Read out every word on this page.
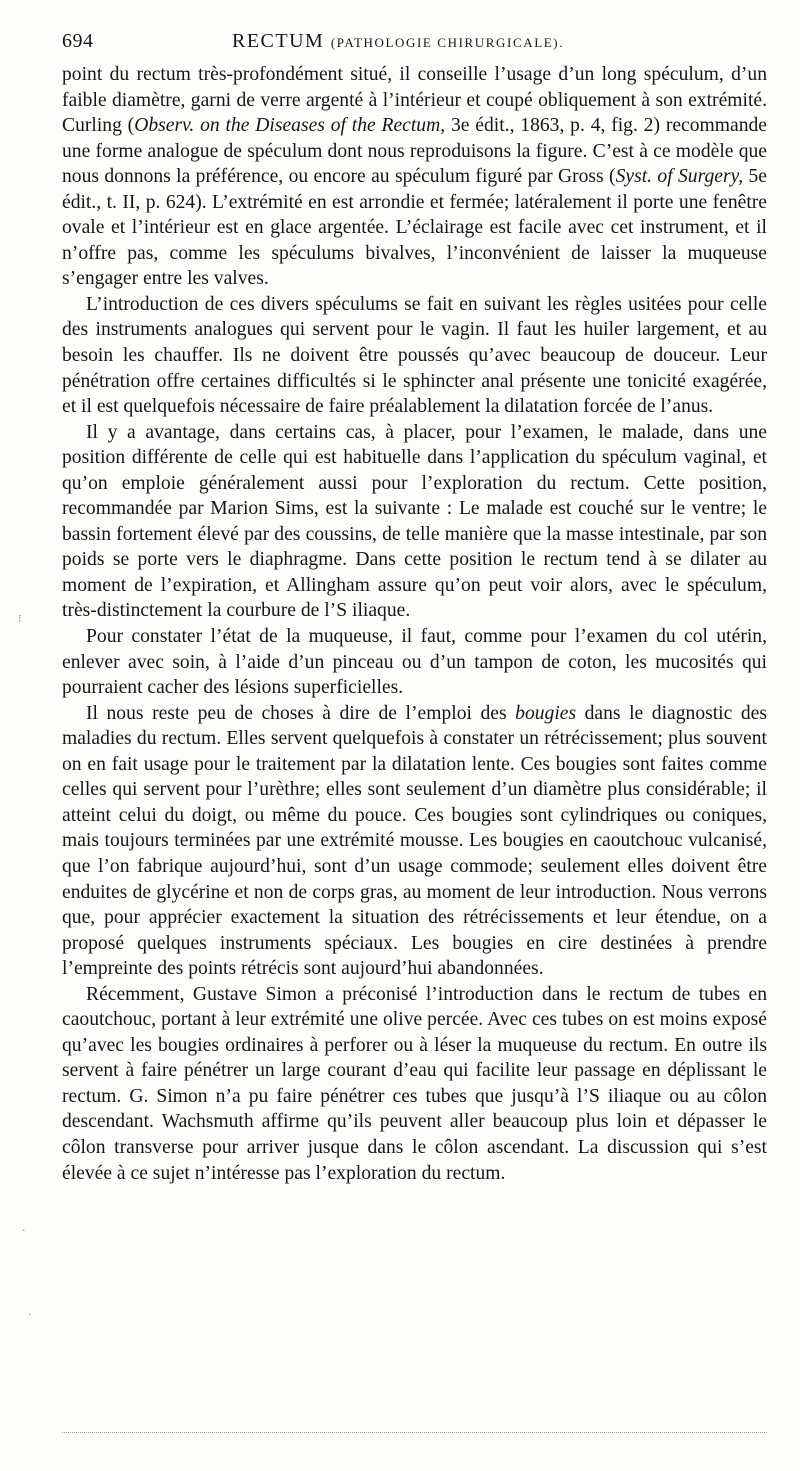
694	RECTUM (PATHOLOGIE CHIRURGICALE).

point du rectum très-profondément situé, il conseille l’usage d’un long spéculum, d’un faible diamètre, garni de verre argenté à l’intérieur et coupé obliquement à son extrémité. Curling (Observ. on the Diseases of the Rectum, 3e édit., 1863, p. 4, fig. 2) recommande une forme analogue de spéculum dont nous reproduisons la figure. C’est à ce modèle que nous donnons la préférence, ou encore au spéculum figuré par Gross (Syst. of Surgery, 5e édit., t. II, p. 624). L’extrémité en est arrondie et fermée; latéralement il porte une fenêtre ovale et l’intérieur est en glace argentée. L’éclairage est facile avec cet instrument, et il n’offre pas, comme les spéculums bivalves, l’inconvénient de laisser la muqueuse s’engager entre les valves.

L’introduction de ces divers spéculums se fait en suivant les règles usitées pour celle des instruments analogues qui servent pour le vagin. Il faut les huiler largement, et au besoin les chauffer. Ils ne doivent être poussés qu’avec beaucoup de douceur. Leur pénétration offre certaines difficultés si le sphincter anal présente une tonicité exagérée, et il est quelquefois nécessaire de faire préalablement la dilatation forcée de l’anus.

Il y a avantage, dans certains cas, à placer, pour l’examen, le malade, dans une position différente de celle qui est habituelle dans l’application du spéculum vaginal, et qu’on emploie généralement aussi pour l’exploration du rectum. Cette position, recommandée par Marion Sims, est la suivante : Le malade est couché sur le ventre; le bassin fortement élevé par des coussins, de telle manière que la masse intestinale, par son poids se porte vers le diaphragme. Dans cette position le rectum tend à se dilater au moment de l’expiration, et Allingham assure qu’on peut voir alors, avec le spéculum, très-distinctement la courbure de l’S iliaque.

Pour constater l’état de la muqueuse, il faut, comme pour l’examen du col utérin, enlever avec soin, à l’aide d’un pinceau ou d’un tampon de coton, les mucosités qui pourraient cacher des lésions superficielles.

Il nous reste peu de choses à dire de l’emploi des bougies dans le diagnostic des maladies du rectum. Elles servent quelquefois à constater un rétrécissement; plus souvent on en fait usage pour le traitement par la dilatation lente. Ces bougies sont faites comme celles qui servent pour l’urèthre; elles sont seulement d’un diamètre plus considérable; il atteint celui du doigt, ou même du pouce. Ces bougies sont cylindriques ou coniques, mais toujours terminées par une extrémité mousse. Les bougies en caoutchouc vulcanisé, que l’on fabrique aujourd’hui, sont d’un usage commode; seulement elles doivent être enduites de glycérine et non de corps gras, au moment de leur introduction. Nous verrons que, pour apprécier exactement la situation des rétrécissements et leur étendue, on a proposé quelques instruments spéciaux. Les bougies en cire destinées à prendre l’empreinte des points rétrécis sont aujourd’hui abandonnées.

Récemment, Gustave Simon a préconisé l’introduction dans le rectum de tubes en caoutchouc, portant à leur extrémité une olive percée. Avec ces tubes on est moins exposé qu’avec les bougies ordinaires à perforer ou à léser la muqueuse du rectum. En outre ils servent à faire pénétrer un large courant d’eau qui facilite leur passage en déplissant le rectum. G. Simon n’a pu faire pénétrer ces tubes que jusqu’à l’S iliaque ou au côlon descendant. Wachsmuth affirme qu’ils peuvent aller beaucoup plus loin et dépasser le côlon transverse pour arriver jusque dans le côlon ascendant. La discussion qui s’est élevée à ce sujet n’intéresse pas l’exploration du rectum.

⁝
·
·
